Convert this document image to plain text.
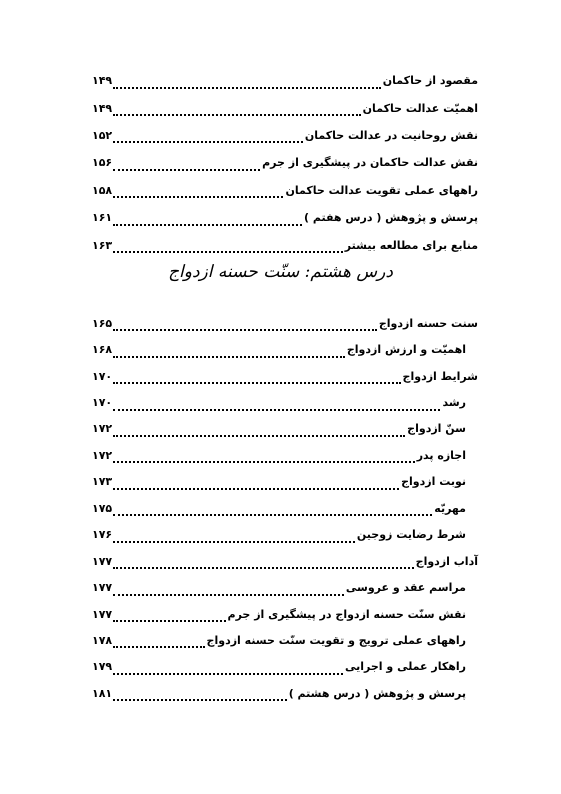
مقصود از حاکمان
۱۴۹
اهمیّت عدالت حاکمان
۱۴۹
نقش روحانیت در عدالت حاکمان
۱۵۲
نقش عدالت حاکمان در پیشگیری از جرم
۱۵۶
راههای عملی تقویت عدالت حاکمان
۱۵۸
پرسش و پژوهش ( درس هفتم )
۱۶۱
منابع برای مطالعه بیشتر
۱۶۳
درس هشتم: سنّت حسنه ازدواج
سنت حسنه ازدواج
۱۶۵
اهمیّت و ارزش ازدواج
۱۶۸
شرایط ازدواج
۱۷۰
رشد
۱۷۰
سنّ ازدواج
۱۷۲
اجازه پدر
۱۷۲
نوبت ازدواج
۱۷۳
مهریّه
۱۷۵
شرط رضایت زوجین
۱۷۶
آداب ازدواج
۱۷۷
مراسم عقد و عروسی
۱۷۷
نقش سنّت حسنه ازدواج در پیشگیری از جرم
۱۷۷
راههای عملی ترویج و تقویت سنّت حسنه ازدواج
۱۷۸
راهکار عملی و اجرایی
۱۷۹
پرسش و پژوهش ( درس هشتم )
۱۸۱
